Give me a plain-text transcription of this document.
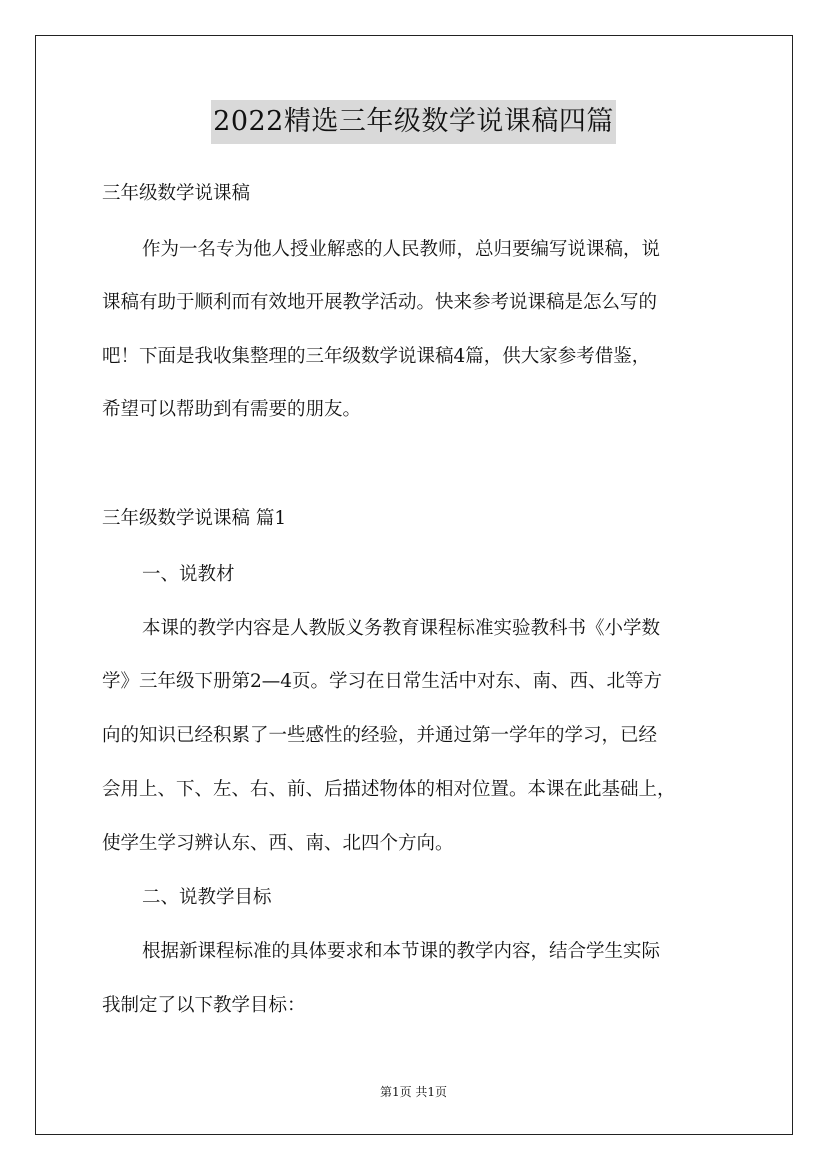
2022精选三年级数学说课稿四篇
三年级数学说课稿
作为一名专为他人授业解惑的人民教师，总归要编写说课稿，说
课稿有助于顺利而有效地开展教学活动。快来参考说课稿是怎么写的
吧！下面是我收集整理的三年级数学说课稿4篇，供大家参考借鉴，
希望可以帮助到有需要的朋友。
三年级数学说课稿 篇1
一、说教材
本课的教学内容是人教版义务教育课程标准实验教科书《小学数
学》三年级下册第2—4页。学习在日常生活中对东、南、西、北等方
向的知识已经积累了一些感性的经验，并通过第一学年的学习，已经
会用上、下、左、右、前、后描述物体的相对位置。本课在此基础上，
使学生学习辨认东、西、南、北四个方向。
二、说教学目标
根据新课程标准的具体要求和本节课的教学内容，结合学生实际
我制定了以下教学目标：
第1页 共1页
